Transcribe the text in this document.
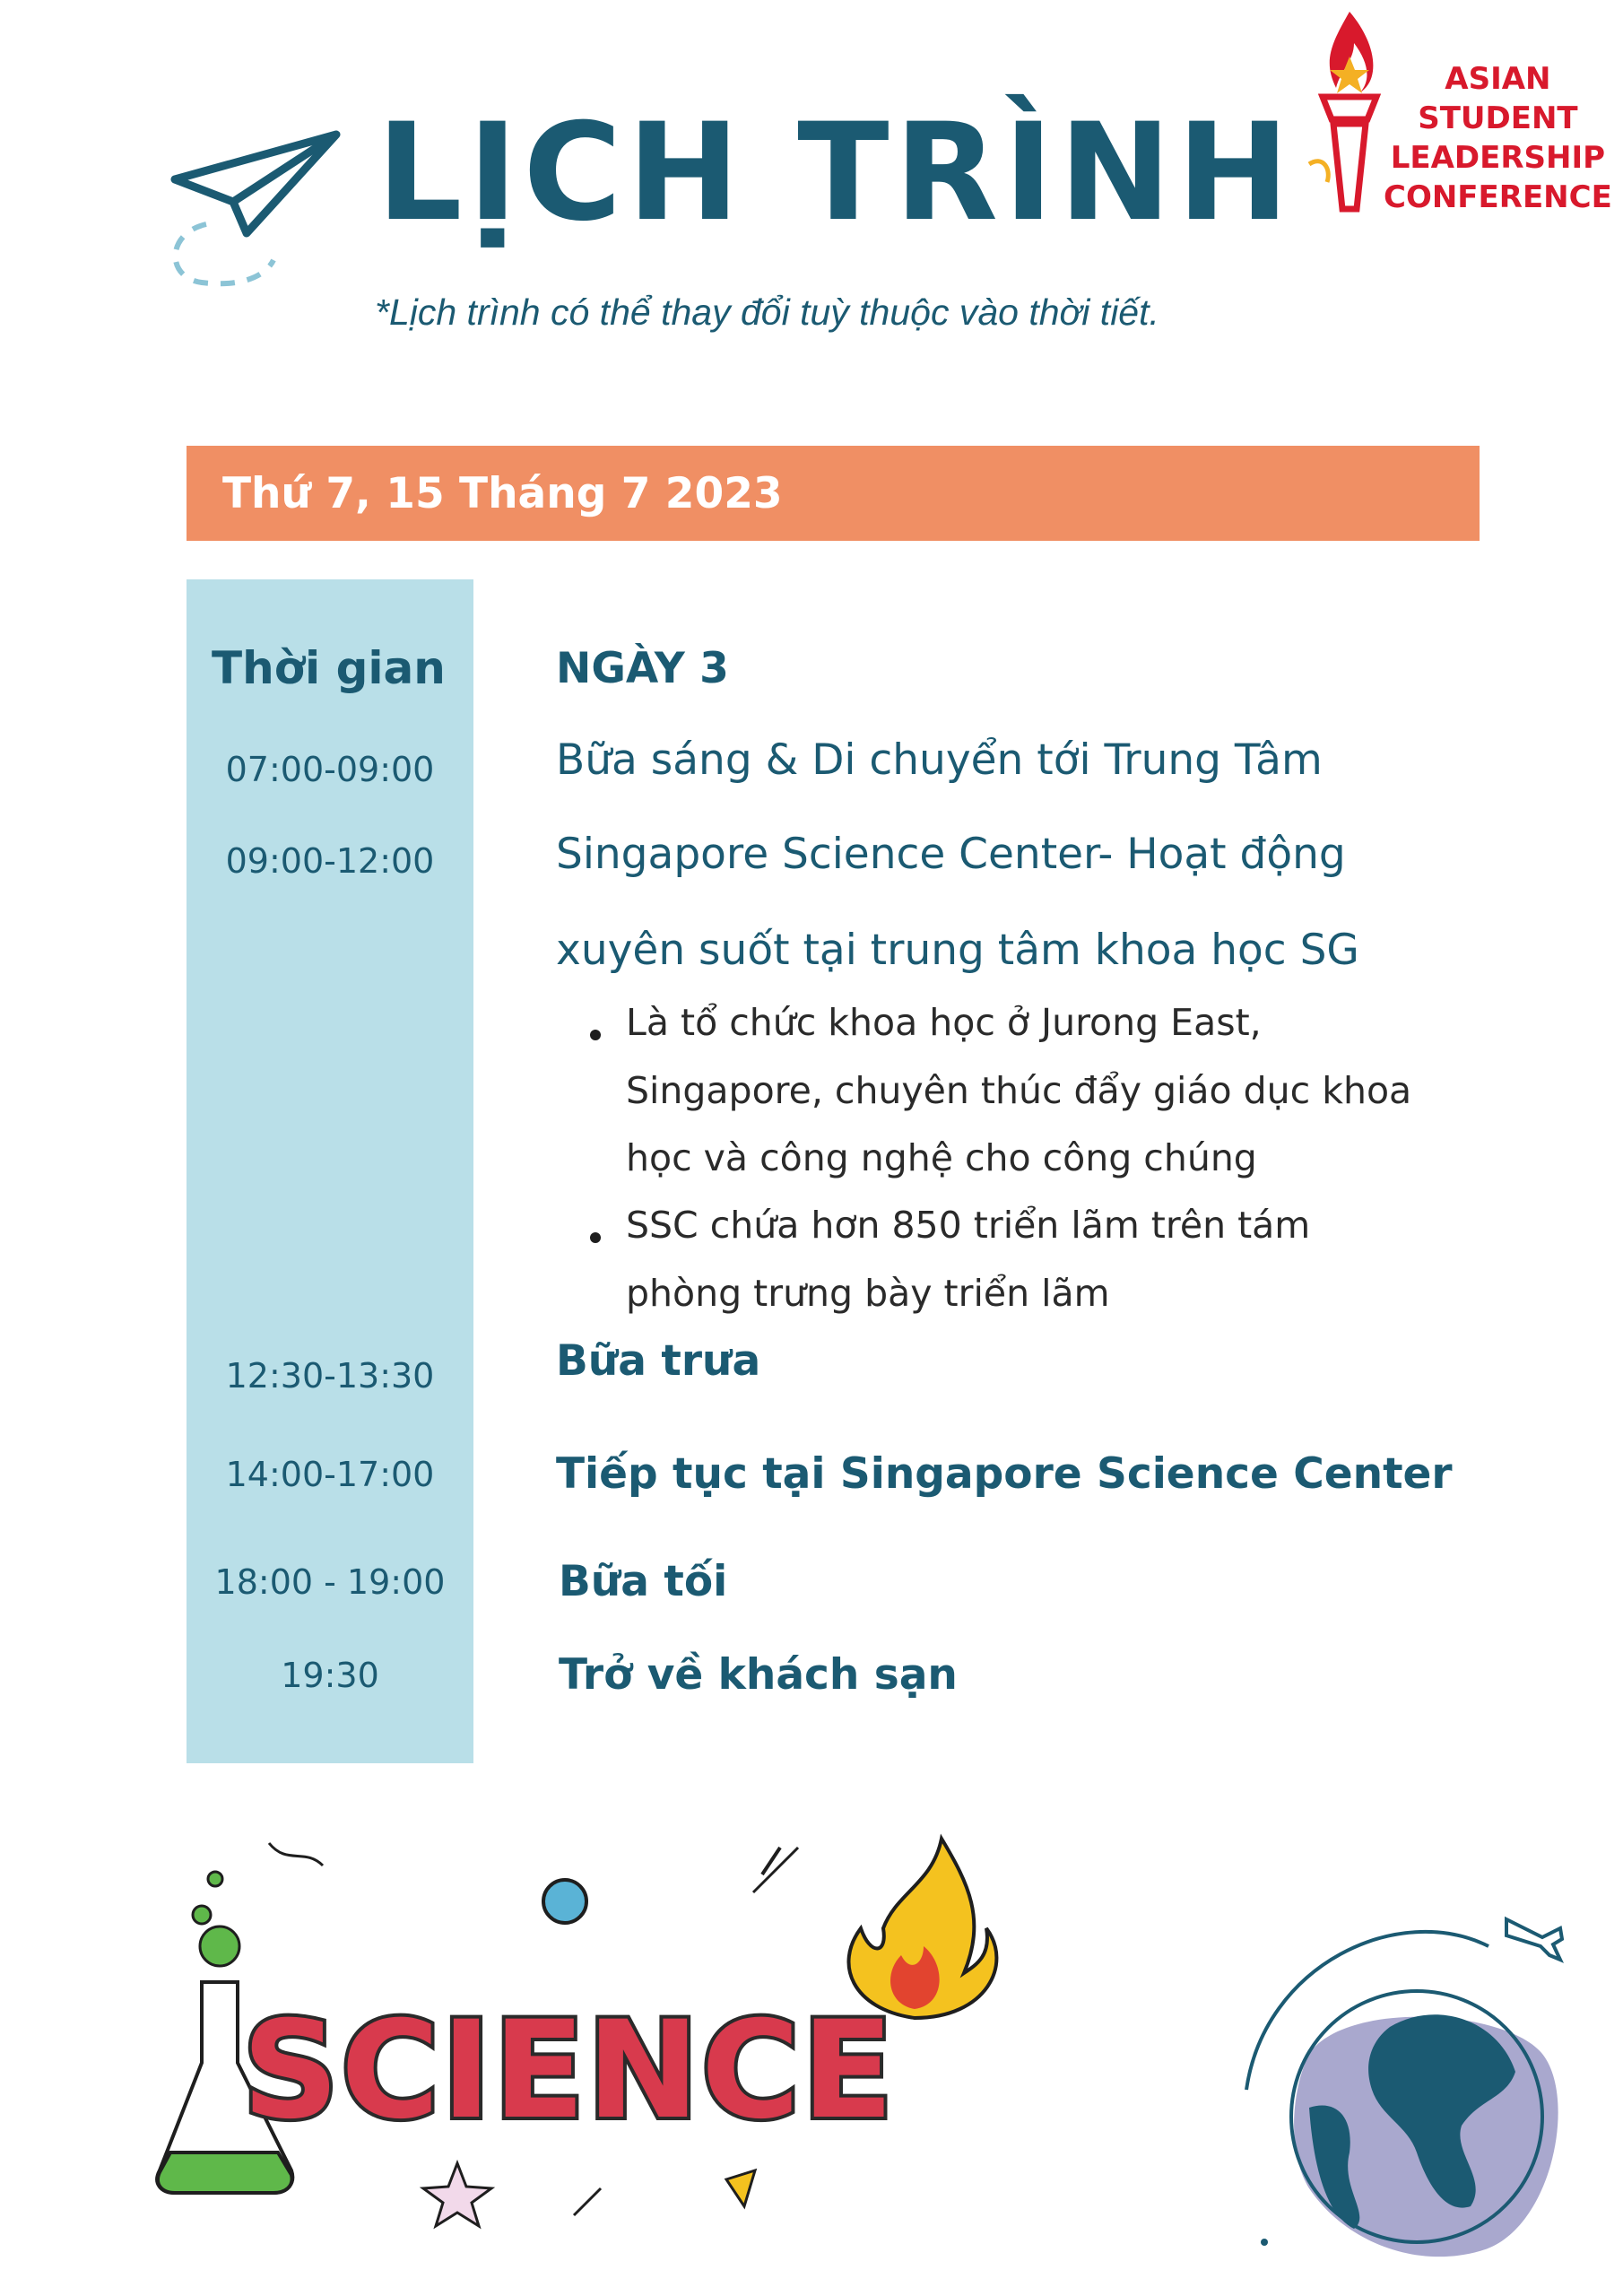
LỊCH TRÌNH
*Lịch trình có thể thay đổi tuỳ thuộc vào thời tiết.
ASIAN
STUDENT
LEADERSHIP
CONFERENCE
Thứ 7, 15 Tháng 7 2023
Thời gian
07:00-09:00
09:00-12:00
12:30-13:30
14:00-17:00
18:00 - 19:00
19:30
NGÀY 3
Bữa sáng & Di chuyển tới Trung Tâm
Singapore Science Center- Hoạt động
xuyên suốt tại trung tâm khoa học SG
Là tổ chức khoa học ở Jurong East,
Singapore, chuyên thúc đẩy giáo dục khoa
học và công nghệ cho công chúng
SSC chứa hơn 850 triển lãm trên tám
phòng trưng bày triển lãm
Bữa trưa
Tiếp tục tại Singapore Science Center
Bữa tối
Trở về khách sạn
SCIENCE
